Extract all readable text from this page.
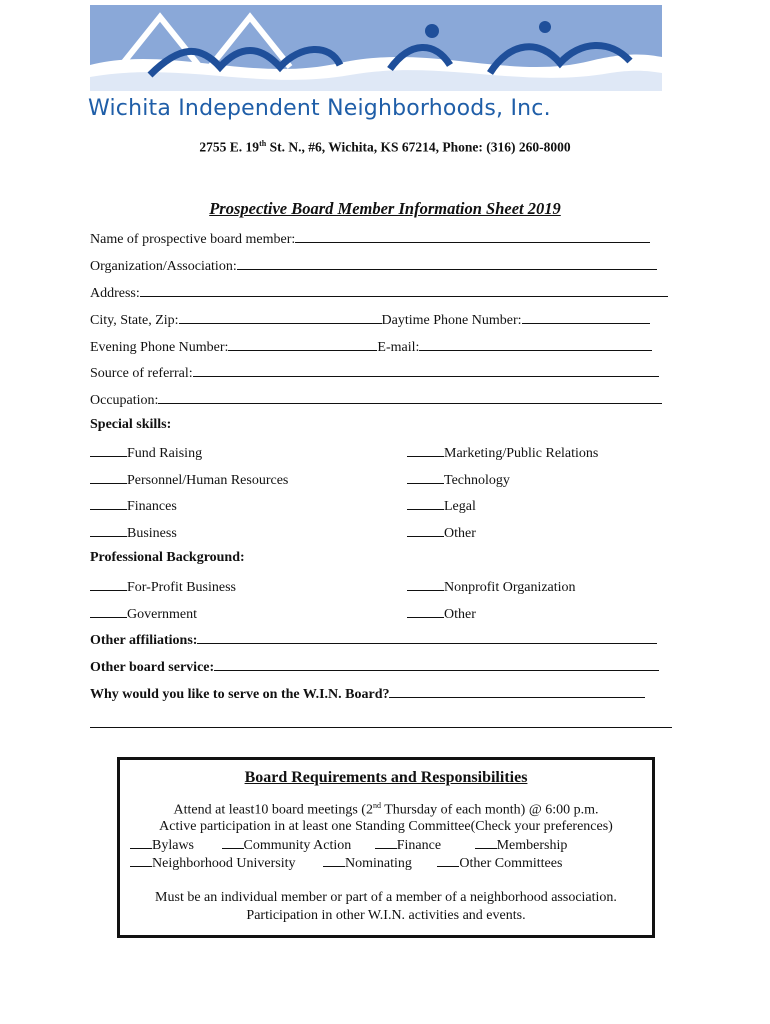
Wichita Independent Neighborhoods, Inc.
2755 E. 19th St. N., #6, Wichita, KS 67214, Phone: (316) 260-8000
Prospective Board Member Information Sheet 2019
Name of prospective board member:
Organization/Association:
Address:
City, State, Zip:	Daytime Phone Number:
Evening Phone Number:	E-mail:
Source of referral:
Occupation:
Special skills:
Fund Raising	Marketing/Public Relations
Personnel/Human Resources	Technology
Finances	Legal
Business	Other
Professional Background:
For-Profit Business	Nonprofit Organization
Government	Other
Other affiliations:
Other board service:
Why would you like to serve on the W.I.N. Board?
Board Requirements and Responsibilities
Attend at least10 board meetings (2nd Thursday of each month) @ 6:00 p.m.
Active participation in at least one Standing Committee(Check your preferences)
Bylaws	Community Action	Finance	Membership
Neighborhood University	Nominating	Other Committees
Must be an individual member or part of a member of a neighborhood association.
Participation in other W.I.N. activities and events.
